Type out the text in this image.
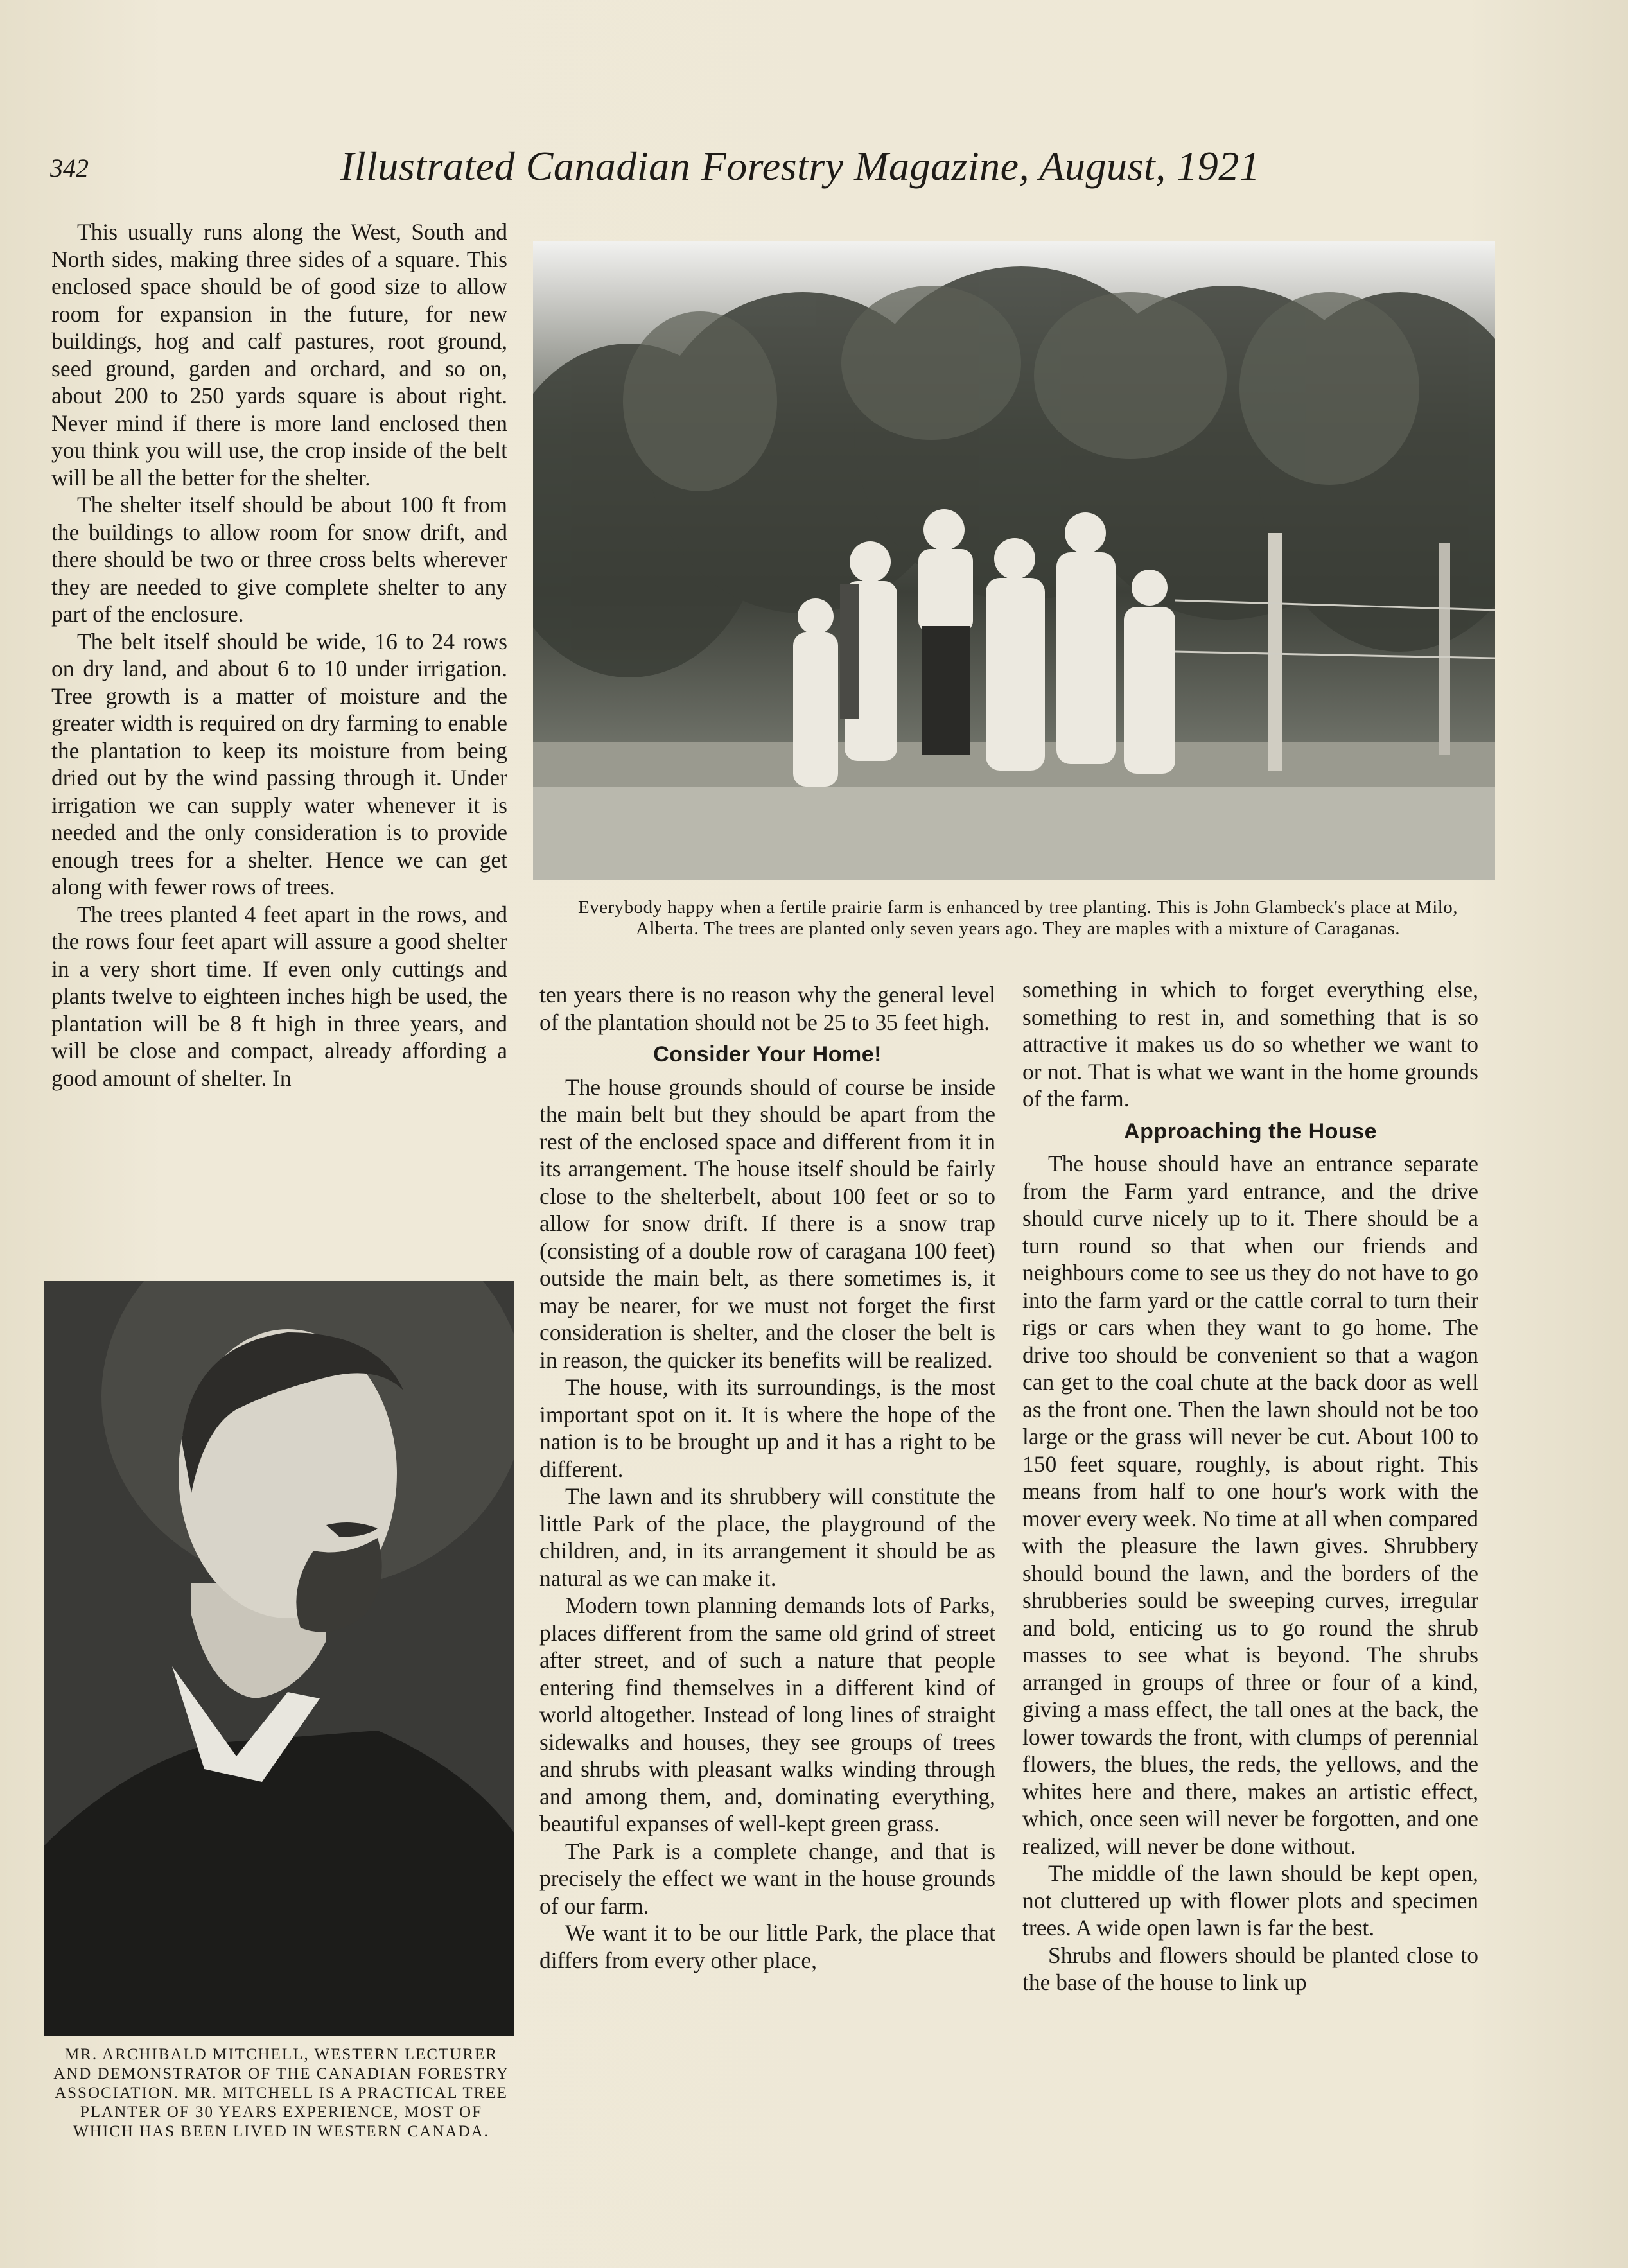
342	Illustrated Canadian Forestry Magazine, August, 1921

This usually runs along the West, South and North sides, making three sides of a square. This enclosed space should be of good size to allow room for expansion in the future, for new buildings, hog and calf pastures, root ground, seed ground, garden and orchard, and so on, about 200 to 250 yards square is about right. Never mind if there is more land enclosed then you think you will use, the crop inside of the belt will be all the better for the shelter.

The shelter itself should be about 100 ft from the buildings to allow room for snow drift, and there should be two or three cross belts wherever they are needed to give complete shelter to any part of the enclosure.

The belt itself should be wide, 16 to 24 rows on dry land, and about 6 to 10 under irrigation. Tree growth is a matter of moisture and the greater width is required on dry farming to enable the plantation to keep its moisture from being dried out by the wind passing through it. Under irrigation we can supply water whenever it is needed and the only consideration is to provide enough trees for a shelter. Hence we can get along with fewer rows of trees.

The trees planted 4 feet apart in the rows, and the rows four feet apart will assure a good shelter in a very short time. If even only cuttings and plants twelve to eighteen inches high be used, the plantation will be 8 ft high in three years, and will be close and compact, already affording a good amount of shelter. In

Everybody happy when a fertile prairie farm is enhanced by tree planting. This is John Glambeck's place at Milo, Alberta. The trees are planted only seven years ago. They are maples with a mixture of Caraganas.
MR. ARCHIBALD MITCHELL, WESTERN LECTURER AND DEMONSTRATOR OF THE CANADIAN FORESTRY ASSOCIATION. MR. MITCHELL IS A PRACTICAL TREE PLANTER OF 30 YEARS EXPERIENCE, MOST OF WHICH HAS BEEN LIVED IN WESTERN CANADA.

ten years there is no reason why the general level of the plantation should not be 25 to 35 feet high.

Consider Your Home!

The house grounds should of course be inside the main belt but they should be apart from the rest of the enclosed space and different from it in its arrangement. The house itself should be fairly close to the shelterbelt, about 100 feet or so to allow for snow drift. If there is a snow trap (consisting of a double row of caragana 100 feet) outside the main belt, as there sometimes is, it may be nearer, for we must not forget the first consideration is shelter, and the closer the belt is in reason, the quicker its benefits will be realized.

The house, with its surroundings, is the most important spot on it. It is where the hope of the nation is to be brought up and it has a right to be different.

The lawn and its shrubbery will constitute the little Park of the place, the playground of the children, and, in its arrangement it should be as natural as we can make it.

Modern town planning demands lots of Parks, places different from the same old grind of street after street, and of such a nature that people entering find themselves in a different kind of world altogether. Instead of long lines of straight sidewalks and houses, they see groups of trees and shrubs with pleasant walks winding through and among them, and, dominating everything, beautiful expanses of well-kept green grass.

The Park is a complete change, and that is precisely the effect we want in the house grounds of our farm.

We want it to be our little Park, the place that differs from every other place,

something in which to forget everything else, something to rest in, and something that is so attractive it makes us do so whether we want to or not. That is what we want in the home grounds of the farm.

Approaching the House

The house should have an entrance separate from the Farm yard entrance, and the drive should curve nicely up to it. There should be a turn round so that when our friends and neighbours come to see us they do not have to go into the farm yard or the cattle corral to turn their rigs or cars when they want to go home. The drive too should be convenient so that a wagon can get to the coal chute at the back door as well as the front one. Then the lawn should not be too large or the grass will never be cut. About 100 to 150 feet square, roughly, is about right. This means from half to one hour's work with the mover every week. No time at all when compared with the pleasure the lawn gives. Shrubbery should bound the lawn, and the borders of the shrubberies sould be sweeping curves, irregular and bold, enticing us to go round the shrub masses to see what is beyond. The shrubs arranged in groups of three or four of a kind, giving a mass effect, the tall ones at the back, the lower towards the front, with clumps of perennial flowers, the blues, the reds, the yellows, and the whites here and there, makes an artistic effect, which, once seen will never be forgotten, and one realized, will never be done without.

The middle of the lawn should be kept open, not cluttered up with flower plots and specimen trees. A wide open lawn is far the best.

Shrubs and flowers should be planted close to the base of the house to link up
